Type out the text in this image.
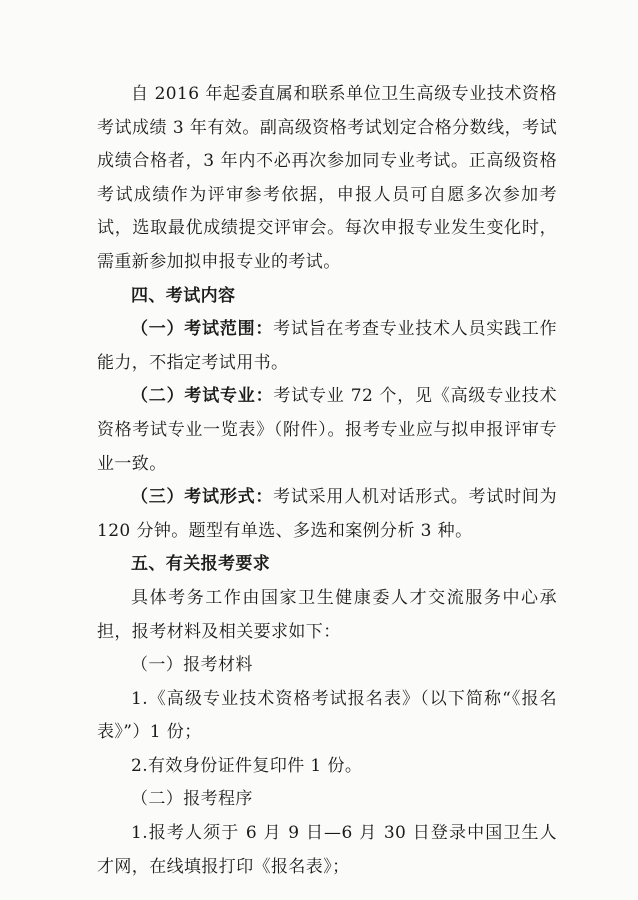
自 2016 年起委直属和联系单位卫生高级专业技术资格考试成绩 3 年有效。副高级资格考试划定合格分数线，考试成绩合格者，3 年内不必再次参加同专业考试。正高级资格考试成绩作为评审参考依据，申报人员可自愿多次参加考试，选取最优成绩提交评审会。每次申报专业发生变化时，需重新参加拟申报专业的考试。

四、考试内容

（一）考试范围：考试旨在考查专业技术人员实践工作能力，不指定考试用书。

（二）考试专业：考试专业 72 个，见《高级专业技术资格考试专业一览表》（附件）。报考专业应与拟申报评审专业一致。

（三）考试形式：考试采用人机对话形式。考试时间为 120 分钟。题型有单选、多选和案例分析 3 种。

五、有关报考要求

具体考务工作由国家卫生健康委人才交流服务中心承担，报考材料及相关要求如下：

（一）报考材料

1.《高级专业技术资格考试报名表》（以下简称“《报名表》”）1 份；

2.有效身份证件复印件 1 份。

（二）报考程序

1.报考人须于 6 月 9 日—6 月 30 日登录中国卫生人才网，在线填报打印《报名表》；
